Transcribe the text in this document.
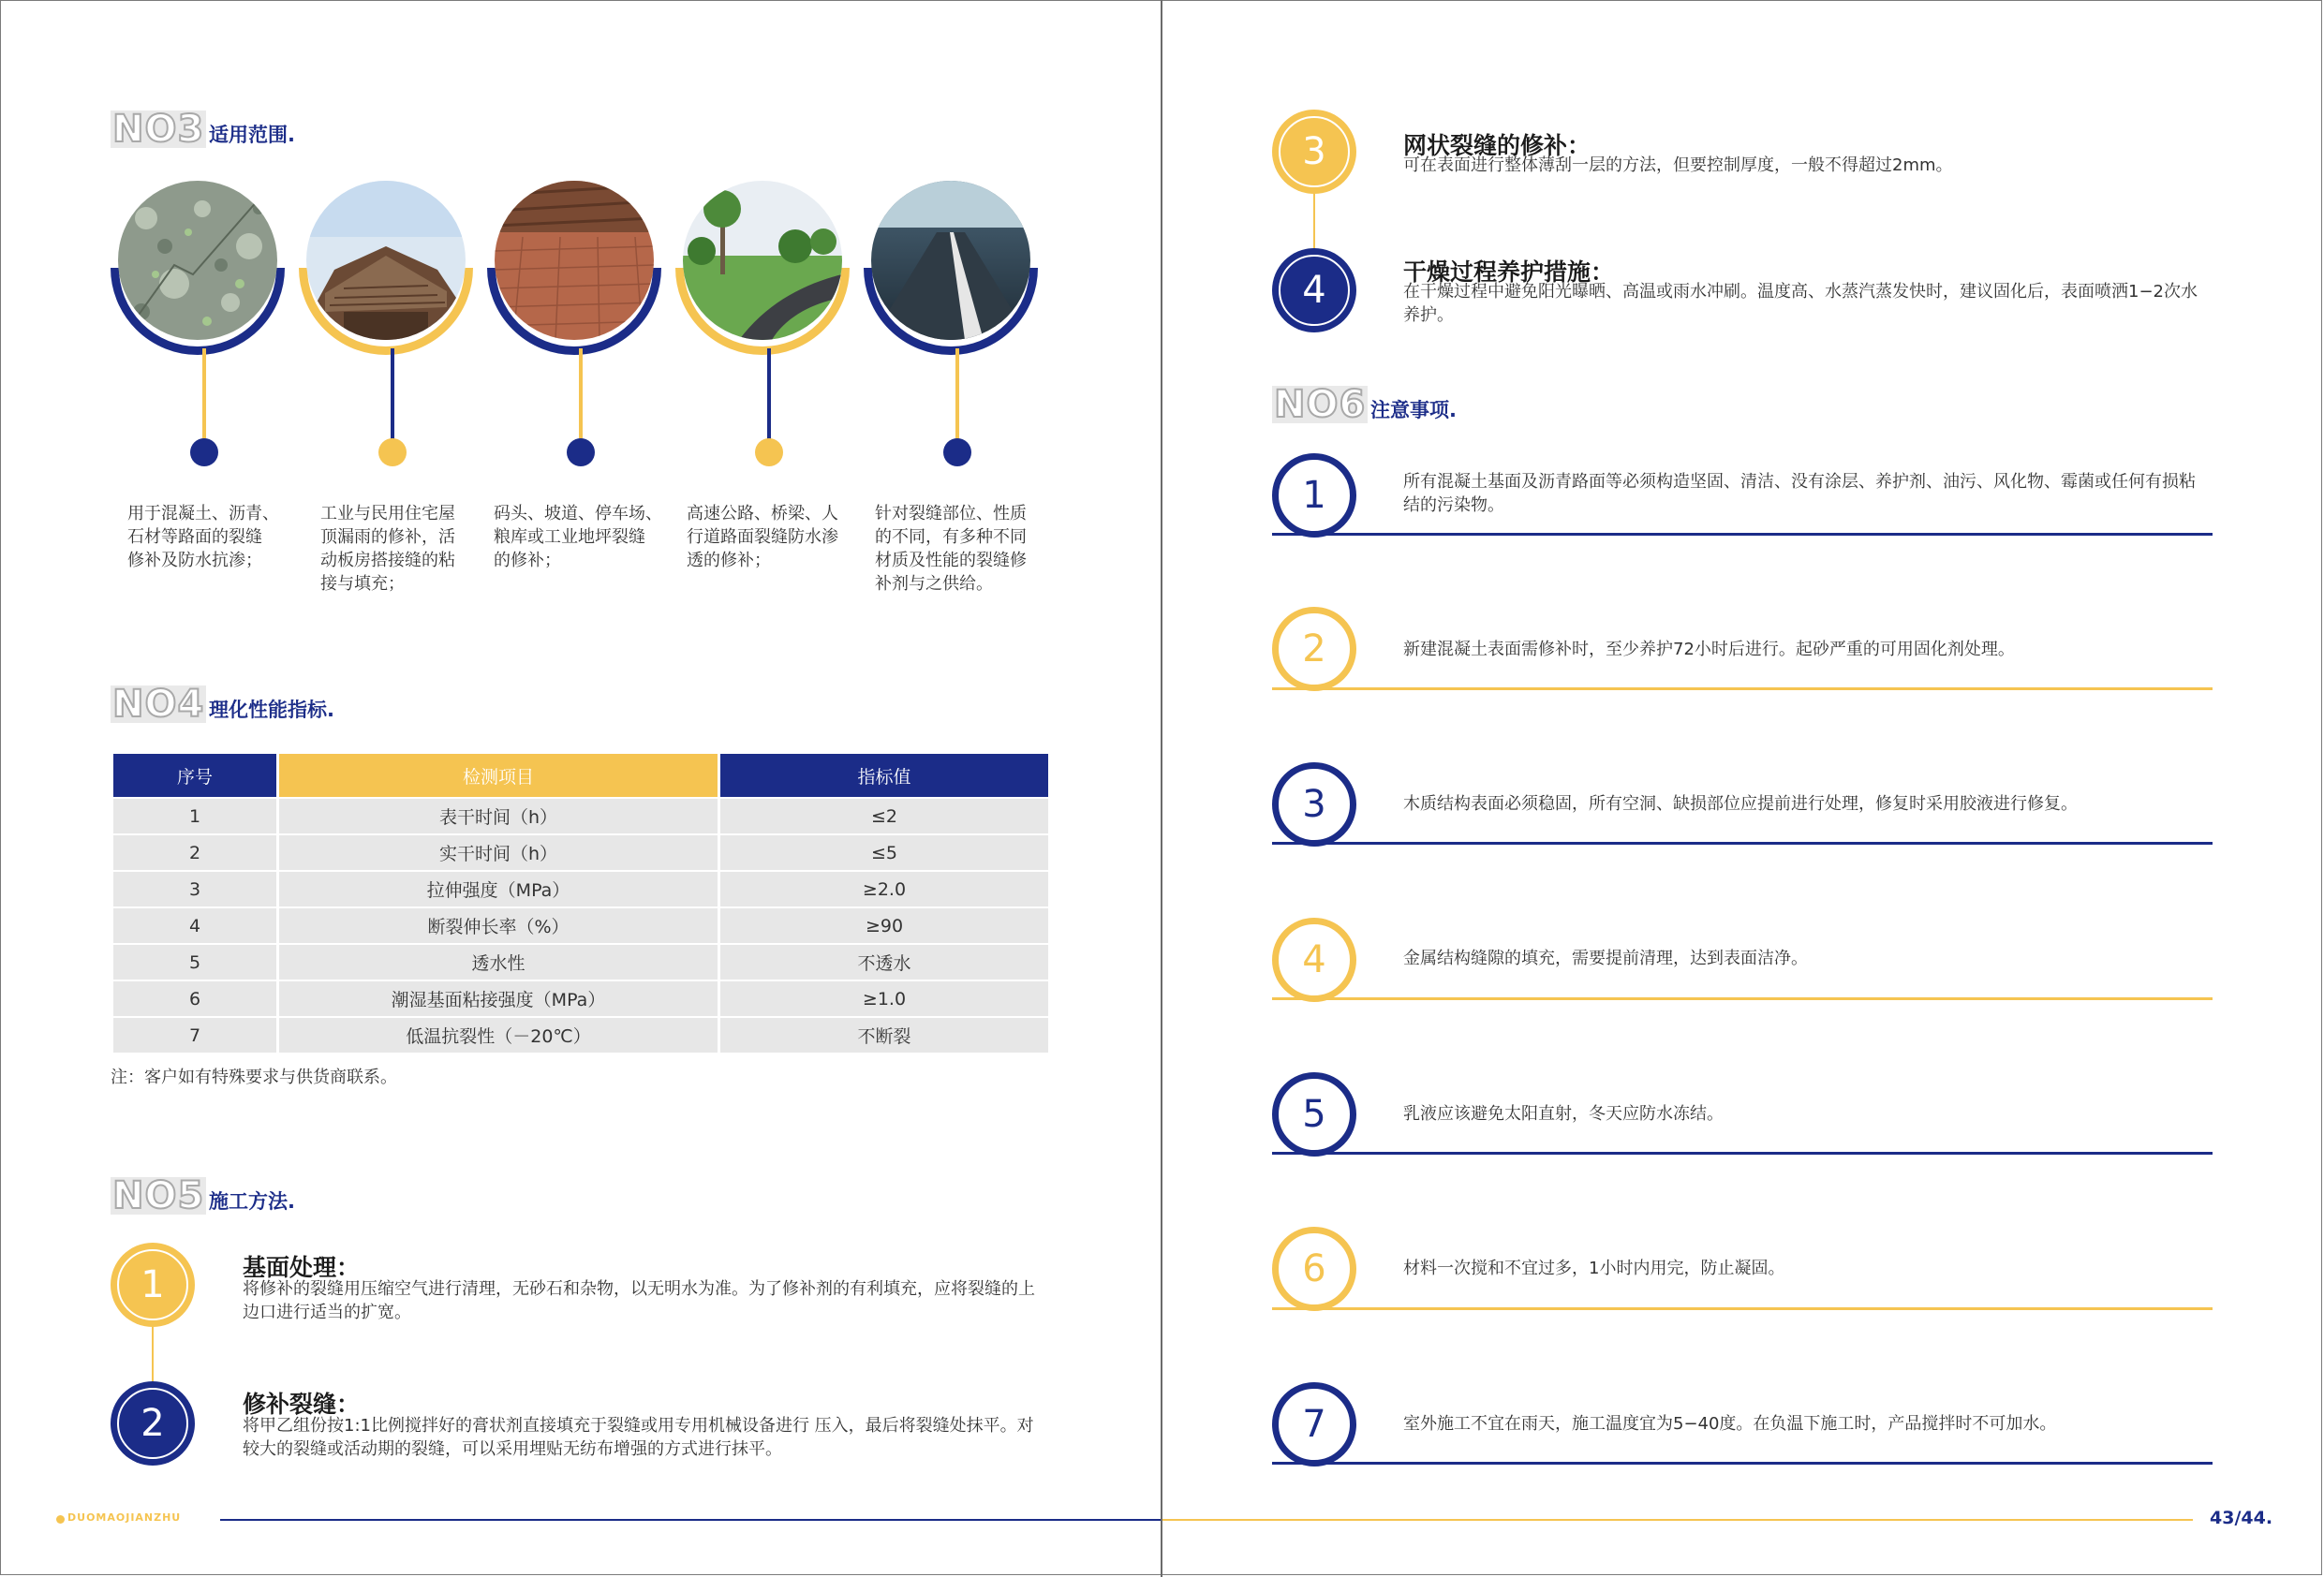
NO3 适用范围.
用于混凝土、沥青、
石材等路面的裂缝
修补及防水抗渗；
工业与民用住宅屋
顶漏雨的修补，活
动板房搭接缝的粘
接与填充；
码头、坡道、停车场、
粮库或工业地坪裂缝
的修补；
高速公路、桥梁、人
行道路面裂缝防水渗
透的修补；
针对裂缝部位、性质
的不同，有多种不同
材质及性能的裂缝修
补剂与之供给。
NO4 理化性能指标.
序号	检测项目	指标值
1	表干时间（h）	≤2
2	实干时间（h）	≤5
3	拉伸强度（MPa）	≥2.0
4	断裂伸长率（%）	≥90
5	透水性	不透水
6	潮湿基面粘接强度（MPa）	≥1.0
7	低温抗裂性（－20℃）	不断裂
注：客户如有特殊要求与供货商联系。
NO5 施工方法.
1	基面处理：
将修补的裂缝用压缩空气进行清理，无砂石和杂物，以无明水为准。为了修补剂的有利填充，应将裂缝的上边口进行适当的扩宽。
2	修补裂缝：
将甲乙组份按1:1比例搅拌好的膏状剂直接填充于裂缝或用专用机械设备进行 压入，最后将裂缝处抹平。对较大的裂缝或活动期的裂缝，可以采用埋贴无纺布增强的方式进行抹平。
3	网状裂缝的修补：
可在表面进行整体薄刮一层的方法，但要控制厚度，一般不得超过2mm。
4	干燥过程养护措施：
在干燥过程中避免阳光曝晒、高温或雨水冲刷。温度高、水蒸汽蒸发快时，建议固化后，表面喷洒1−2次水养护。
NO6 注意事项.
1	所有混凝土基面及沥青路面等必须构造坚固、清洁、没有涂层、养护剂、油污、风化物、霉菌或任何有损粘结的污染物。
2	新建混凝土表面需修补时，至少养护72小时后进行。起砂严重的可用固化剂处理。
3	木质结构表面必须稳固，所有空洞、缺损部位应提前进行处理，修复时采用胶液进行修复。
4	金属结构缝隙的填充，需要提前清理，达到表面洁净。
5	乳液应该避免太阳直射，冬天应防水冻结。
6	材料一次搅和不宜过多，1小时内用完，防止凝固。
7	室外施工不宜在雨天，施工温度宜为5−40度。在负温下施工时，产品搅拌时不可加水。
DUOMAOJIANZHU	43/44.
